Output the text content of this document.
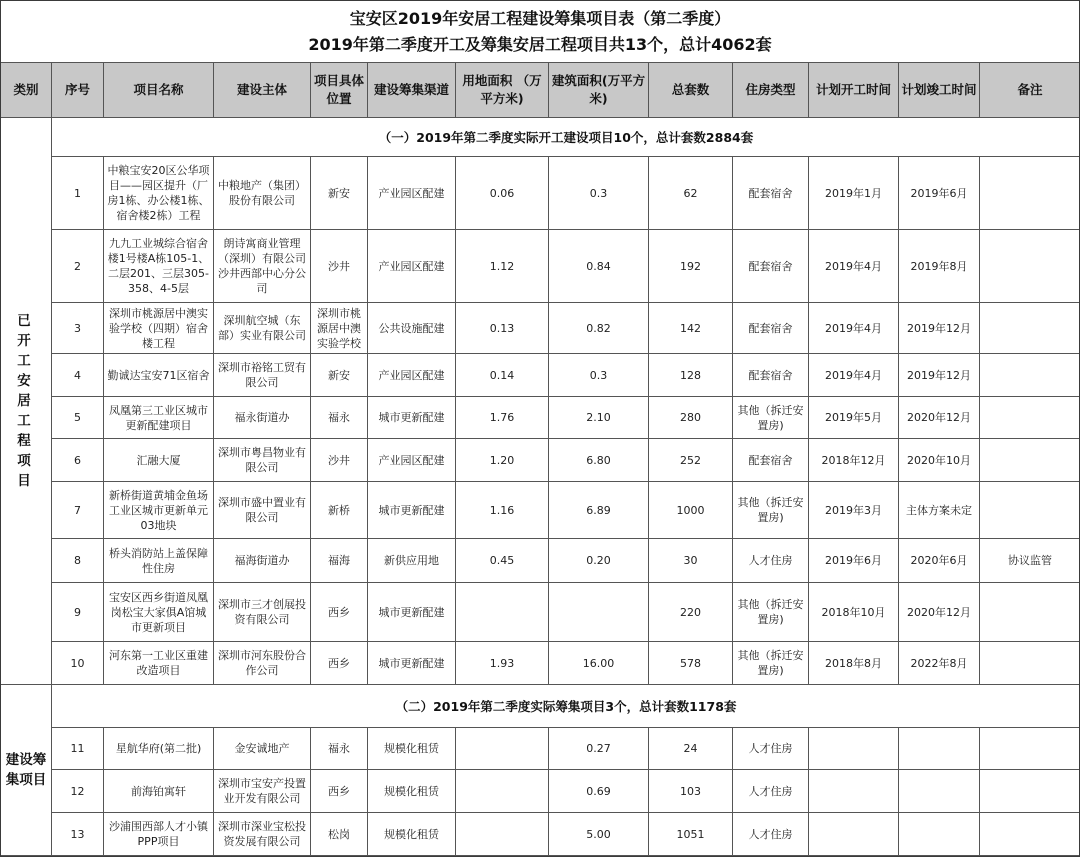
宝安区2019年安居工程建设筹集项目表（第二季度）
2019年第二季度开工及筹集安居工程项目共13个，总计4062套
类别	序号	项目名称	建设主体	项目具体位置	建设筹集渠道	用地面积 （万平方米)	建筑面积(万平方米)	总套数	住房类型	计划开工时间	计划竣工时间	备注

已开工安居工程项目	（一）2019年第二季度实际开工建设项目10个，总计套数2884套											
	1	中粮宝安20区公华项目——园区提升（厂房1栋、办公楼1栋、宿舍楼2栋）工程	中粮地产（集团）股份有限公司	新安	产业园区配建	0.06	0.3	62	配套宿舍	2019年1月	2019年6月	
	2	九九工业城综合宿舍楼1号楼A栋105-1、二层201、三层305-358、4-5层	朗诗寓商业管理（深圳）有限公司沙井西部中心分公司	沙井	产业园区配建	1.12	0.84	192	配套宿舍	2019年4月	2019年8月	
	3	深圳市桃源居中澳实验学校（四期）宿舍楼工程	深圳航空城（东部）实业有限公司	深圳市桃源居中澳实验学校	公共设施配建	0.13	0.82	142	配套宿舍	2019年4月	2019年12月	
	4	勤诚达宝安71区宿舍	深圳市裕铭工贸有限公司	新安	产业园区配建	0.14	0.3	128	配套宿舍	2019年4月	2019年12月	
	5	凤凰第三工业区城市更新配建项目	福永街道办	福永	城市更新配建	1.76	2.10	280	其他（拆迁安置房)	2019年5月	2020年12月	
	6	汇融大厦	深圳市粤昌物业有限公司	沙井	产业园区配建	1.20	6.80	252	配套宿舍	2018年12月	2020年10月	
	7	新桥街道黄埔金鱼场工业区城市更新单元03地块	深圳市盛中置业有限公司	新桥	城市更新配建	1.16	6.89	1000	其他（拆迁安置房)	2019年3月	主体方案未定	
	8	桥头消防站上盖保障性住房	福海街道办	福海	新供应用地	0.45	0.20	30	人才住房	2019年6月	2020年6月	协议监管
	9	宝安区西乡街道凤凰岗松宝大家俱A馆城市更新项目	深圳市三才创展投资有限公司	西乡	城市更新配建			220	其他（拆迁安置房)	2018年10月	2020年12月	
	10	河东第一工业区重建改造项目	深圳市河东股份合作公司	西乡	城市更新配建	1.93	16.00	578	其他（拆迁安置房)	2018年8月	2022年8月	

建设筹集项目	（二）2019年第二季度实际筹集项目3个，总计套数1178套											
	11	星航华府(第二批)	金安诚地产	福永	规模化租赁		0.27	24	人才住房			
	12	前海铂寓轩	深圳市宝安产投置业开发有限公司	西乡	规模化租赁		0.69	103	人才住房			
	13	沙浦围西部人才小镇PPP项目	深圳市深业宝松投资发展有限公司	松岗	规模化租赁		5.00	1051	人才住房			
